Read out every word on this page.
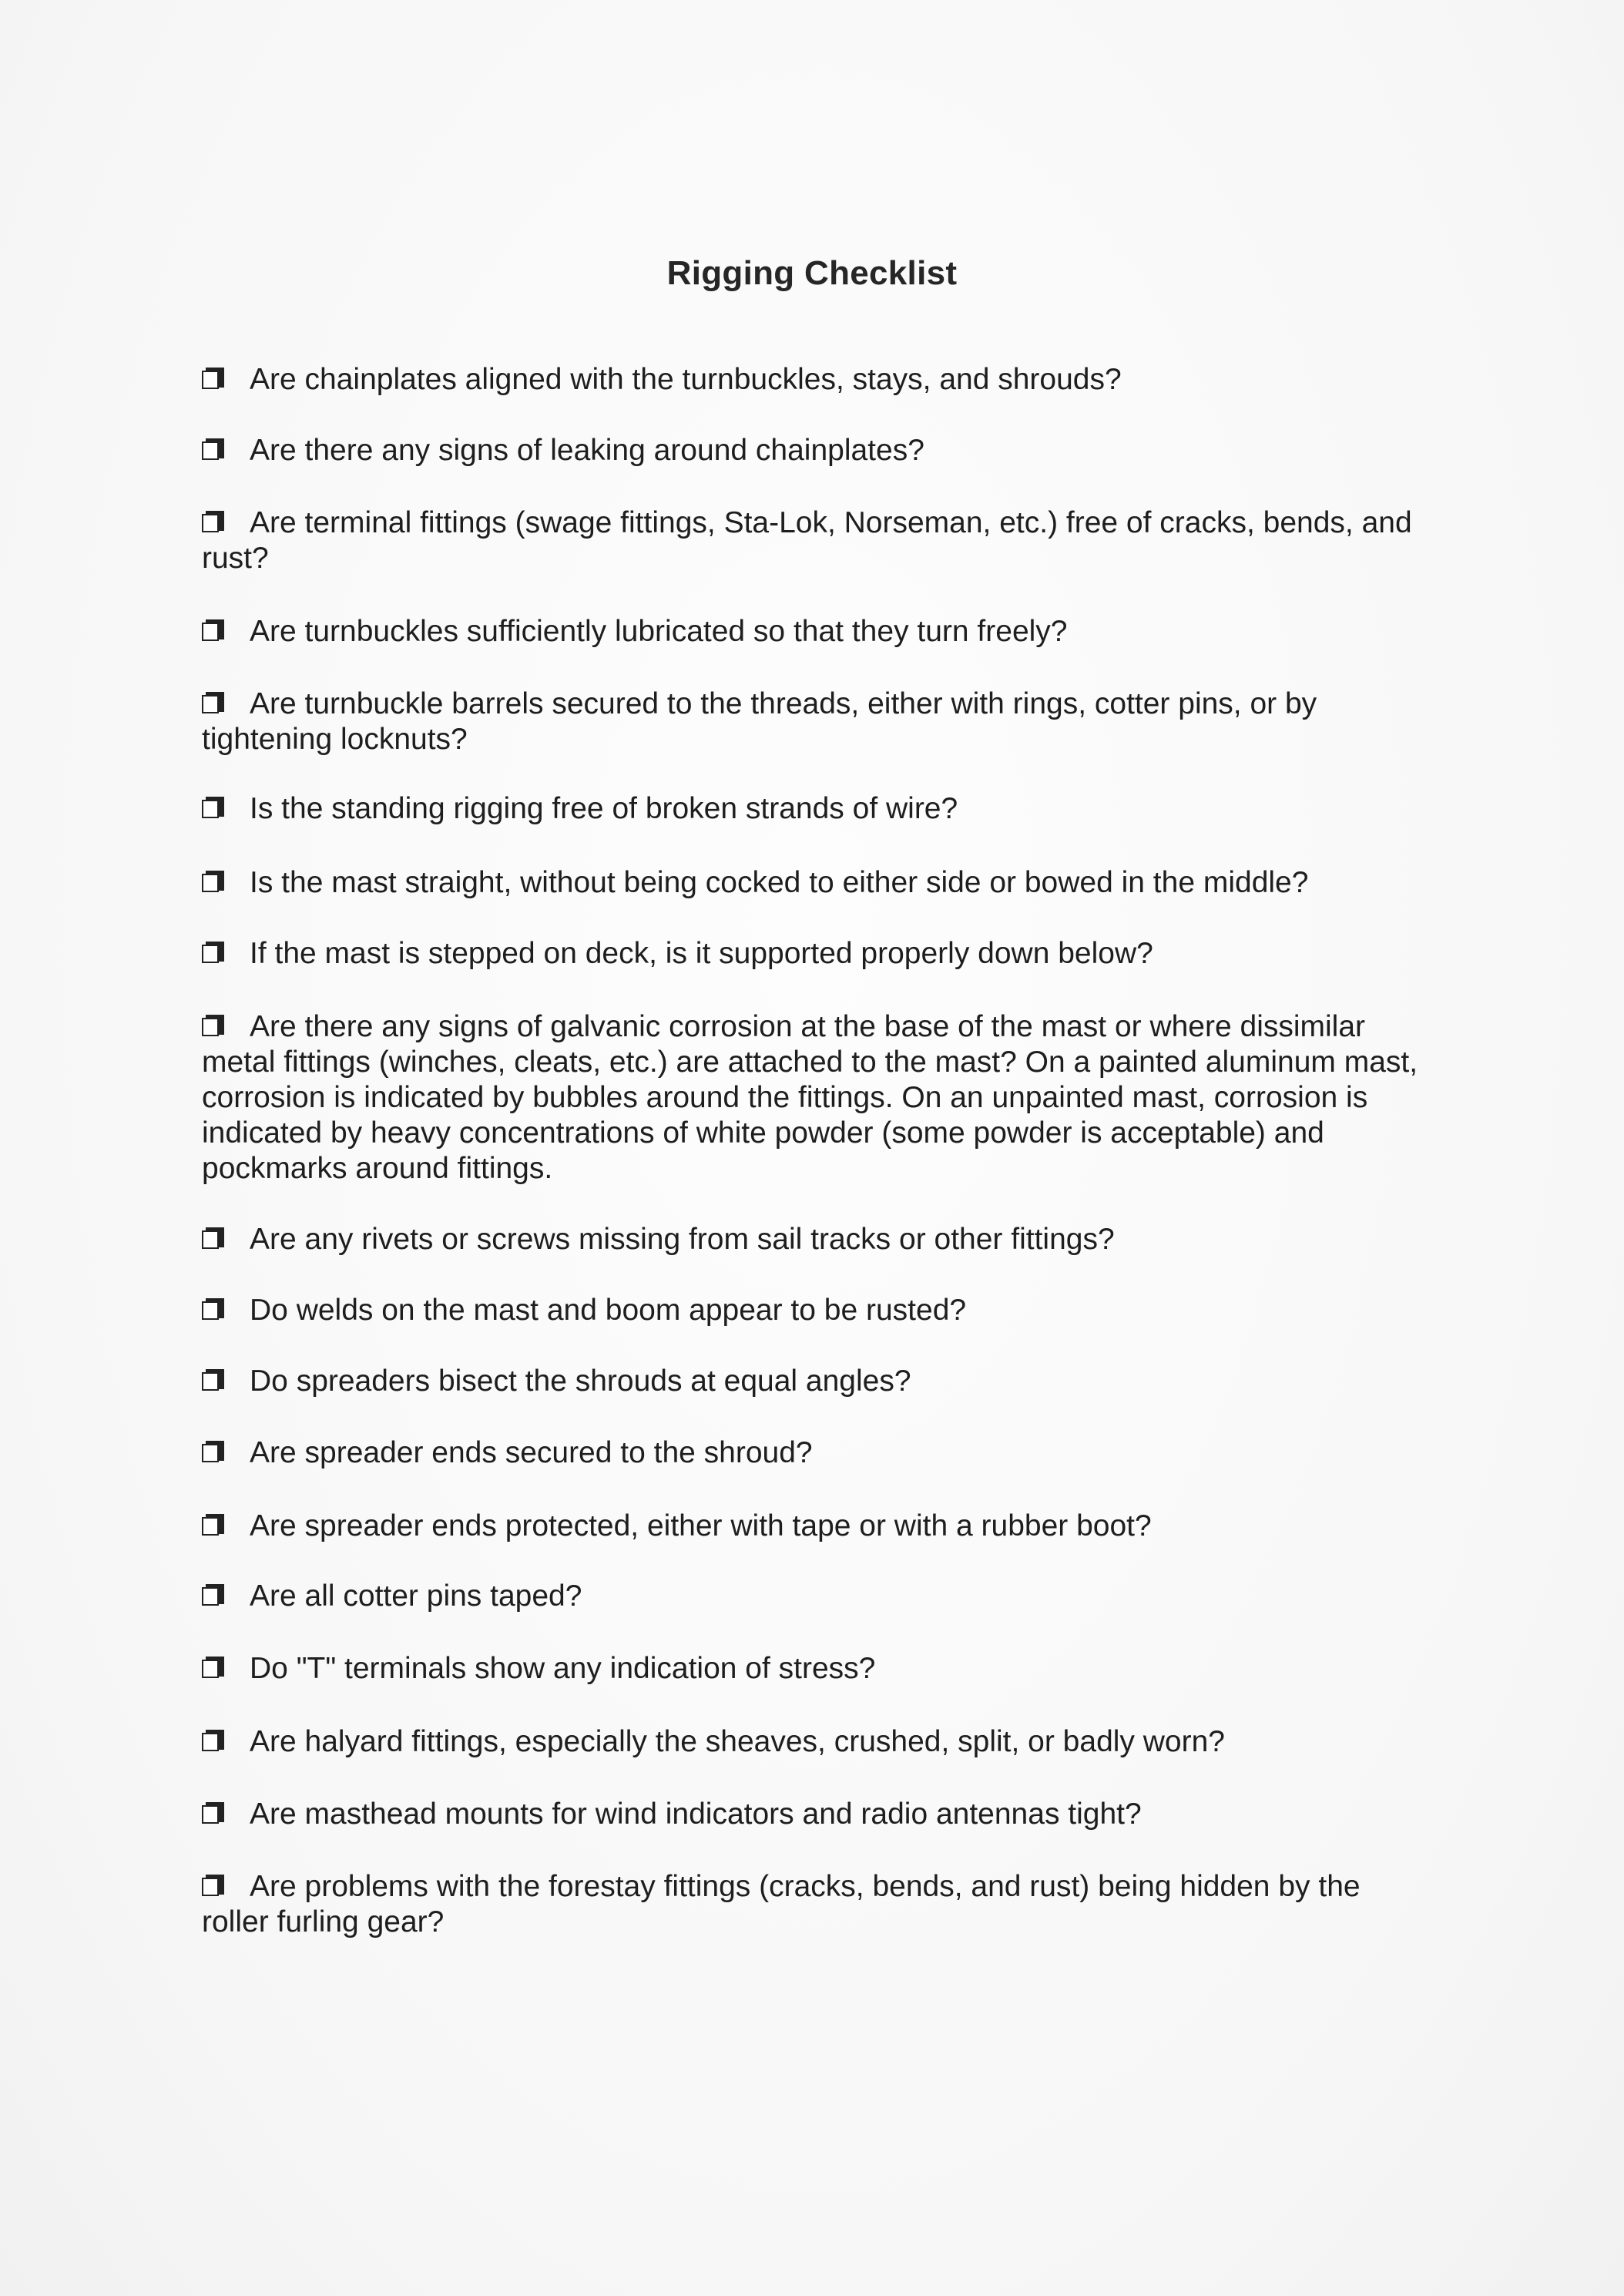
Rigging Checklist
Are chainplates aligned with the turnbuckles, stays, and shrouds?
Are there any signs of leaking around chainplates?
Are terminal fittings (swage fittings, Sta-Lok, Norseman, etc.) free of cracks, bends, and rust?
Are turnbuckles sufficiently lubricated so that they turn freely?
Are turnbuckle barrels secured to the threads, either with rings, cotter pins, or by tightening locknuts?
Is the standing rigging free of broken strands of wire?
Is the mast straight, without being cocked to either side or bowed in the middle?
If the mast is stepped on deck, is it supported properly down below?
Are there any signs of galvanic corrosion at the base of the mast or where dissimilar metal fittings (winches, cleats, etc.) are attached to the mast? On a painted aluminum mast, corrosion is indicated by bubbles around the fittings. On an unpainted mast, corrosion is indicated by heavy concentrations of white powder (some powder is acceptable) and pockmarks around fittings.
Are any rivets or screws missing from sail tracks or other fittings?
Do welds on the mast and boom appear to be rusted?
Do spreaders bisect the shrouds at equal angles?
Are spreader ends secured to the shroud?
Are spreader ends protected, either with tape or with a rubber boot?
Are all cotter pins taped?
Do "T" terminals show any indication of stress?
Are halyard fittings, especially the sheaves, crushed, split, or badly worn?
Are masthead mounts for wind indicators and radio antennas tight?
Are problems with the forestay fittings (cracks, bends, and rust) being hidden by the roller furling gear?
